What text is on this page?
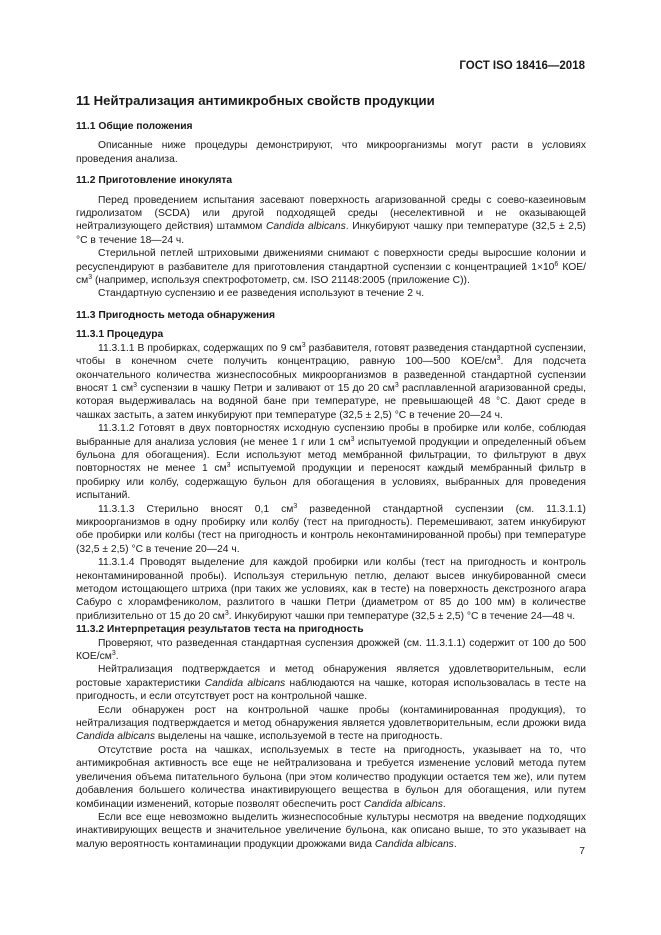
ГОСТ ISO 18416—2018
11 Нейтрализация антимикробных свойств продукции
11.1 Общие положения

Описанные ниже процедуры демонстрируют, что микроорганизмы могут расти в условиях проведения анализа.

11.2 Приготовление инокулята

Перед проведением испытания засевают поверхность агаризованной среды с соево-казеиновым гидролизатом (SCDA) или другой подходящей среды (неселективной и не оказывающей нейтрализующего действия) штаммом Candida albicans. Инкубируют чашку при температуре (32,5 ± 2,5) °С в течение 18—24 ч.

Стерильной петлей штриховыми движениями снимают с поверхности среды выросшие колонии и ресуспендируют в разбавителе для приготовления стандартной суспензии с концентрацией $1\times 10^6$ КОЕ/$см^3$ (например, используя спектрофотометр, см. ISO 21148:2005 (приложение C)).

Стандартную суспензию и ее разведения используют в течение 2 ч.

11.3 Пригодность метода обнаружения
11.3.1 Процедура

11.3.1.1 В пробирках, содержащих по 9 $см^3$ разбавителя, готовят разведения стандартной суспензии, чтобы в конечном счете получить концентрацию, равную 100—500 КОЕ/$см^3$. Для подсчета окончательного количества жизнеспособных микроорганизмов в разведенной стандартной суспензии вносят 1 $см^3$ суспензии в чашку Петри и заливают от 15 до 20 $см^3$ расплавленной агаризованной среды, которая выдерживалась на водяной бане при температуре, не превышающей 48 °С. Дают среде в чашках застыть, а затем инкубируют при температуре (32,5 ± 2,5) °С в течение 20—24 ч.

11.3.1.2 Готовят в двух повторностях исходную суспензию пробы в пробирке или колбе, соблюдая выбранные для анализа условия (не менее 1 г или 1 $см^3$ испытуемой продукции и определенный объем бульона для обогащения). Если используют метод мембранной фильтрации, то фильтруют в двух повторностях не менее 1 $см^3$ испытуемой продукции и переносят каждый мембранный фильтр в пробирку или колбу, содержащую бульон для обогащения в условиях, выбранных для проведения испытаний.

11.3.1.3 Стерильно вносят 0,1 $см^3$ разведенной стандартной суспензии (см. 11.3.1.1) микроорганизмов в одну пробирку или колбу (тест на пригодность). Перемешивают, затем инкубируют обе пробирки или колбы (тест на пригодность и контроль неконтаминированной пробы) при температуре (32,5 ± 2,5) °С в течение 20—24 ч.

11.3.1.4 Проводят выделение для каждой пробирки или колбы (тест на пригодность и контроль неконтаминированной пробы). Используя стерильную петлю, делают высев инкубированной смеси методом истощающего штриха (при таких же условиях, как в тесте) на поверхность декстрозного агара Сабуро с хлорамфениколом, разлитого в чашки Петри (диаметром от 85 до 100 мм) в количестве приблизительно от 15 до 20 $см^3$. Инкубируют чашки при температуре (32,5 ± 2,5) °С в течение 24—48 ч.

11.3.2 Интерпретация результатов теста на пригодность

Проверяют, что разведенная стандартная суспензия дрожжей (см. 11.3.1.1) содержит от 100 до 500 КОЕ/$см^3$.

Нейтрализация подтверждается и метод обнаружения является удовлетворительным, если ростовые характеристики Candida albicans наблюдаются на чашке, которая использовалась в тесте на пригодность, и если отсутствует рост на контрольной чашке.

Если обнаружен рост на контрольной чашке пробы (контаминированная продукция), то нейтрализация подтверждается и метод обнаружения является удовлетворительным, если дрожжи вида Candida albicans выделены на чашке, используемой в тесте на пригодность.

Отсутствие роста на чашках, используемых в тесте на пригодность, указывает на то, что антимикробная активность все еще не нейтрализована и требуется изменение условий метода путем увеличения объема питательного бульона (при этом количество продукции остается тем же), или путем добавления большего количества инактивирующего вещества в бульон для обогащения, или путем комбинации изменений, которые позволят обеспечить рост Candida albicans.

Если все еще невозможно выделить жизнеспособные культуры несмотря на введение подходящих инактивирующих веществ и значительное увеличение бульона, как описано выше, то это указывает на малую вероятность контаминации продукции дрожжами вида Candida albicans.

7
